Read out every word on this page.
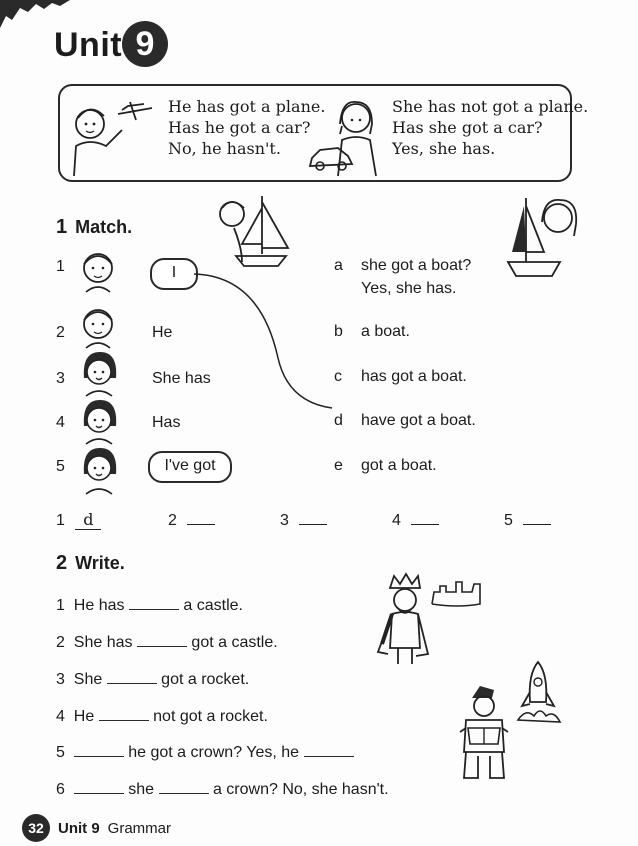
Unit 9
He has got a plane.
Has he got a car?
No, he hasn't.
She has not got a plane.
Has she got a car?
Yes, she has.
1 Match.
1	I
2	He
3	She has
4	Has
5	I've got
a she got a boat?
Yes, she has.
b a boat.
c has got a boat.
d have got a boat.
e got a boat.
1 d	2	3	4	5
2 Write.
1 He has	a castle.
2 She has	got a castle.
3 She	got a rocket.
4 He	not got a rocket.
5	he got a crown? Yes, he
6	she	a crown? No, she hasn't.
32 Unit 9 Grammar
